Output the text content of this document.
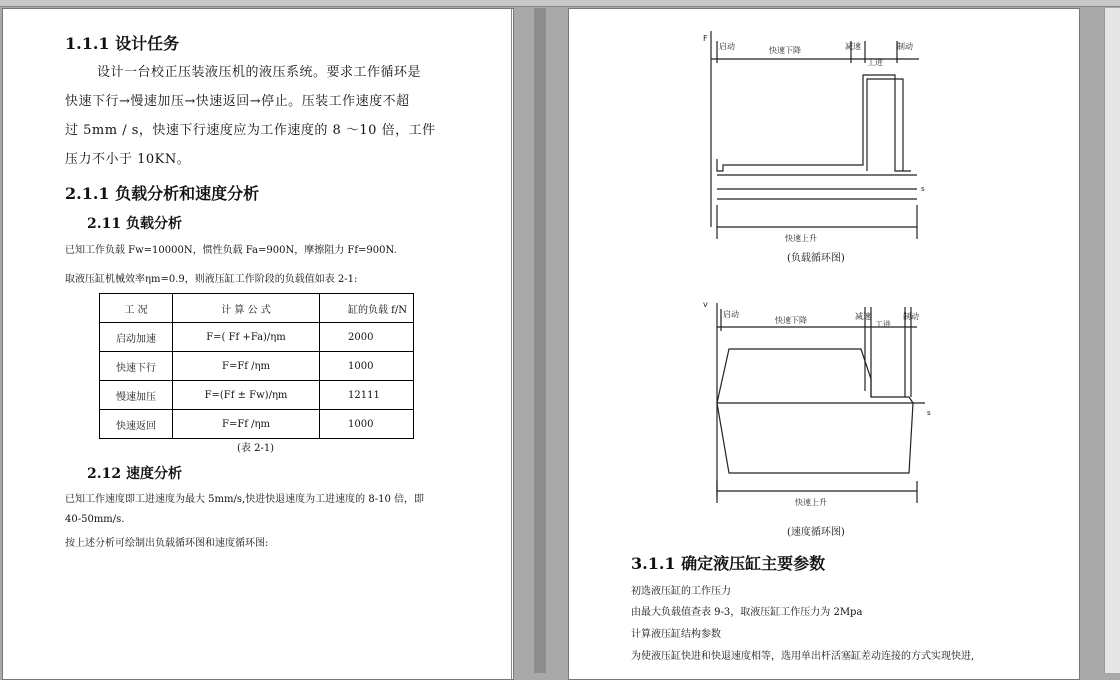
1.1.1 设计任务
设计一台校正压装液压机的液压系统。要求工作循环是
快速下行→慢速加压→快速返回→停止。压装工作速度不超
过 5mm / s，快速下行速度应为工作速度的 8 ～10 倍，工件
压力不小于 10KN。
2.1.1 负载分析和速度分析
2.11 负载分析
已知工作负载 Fw=10000N，惯性负载 Fa=900N，摩擦阻力 Ff=900N.
取液压缸机械效率ηm=0.9，则液压缸工作阶段的负载值如表 2-1:
工 况	计 算 公 式	缸的负载 f/N
启动加速	F=( Ff +Fa)/ηm	2000
快速下行	F=Ff /ηm	1000
慢速加压	F=(Ff ± Fw)/ηm	12111
快速返回	F=Ff /ηm	1000
(表 2-1)
2.12 速度分析
已知工作速度即工进速度为最大 5mm/s,快进快退速度为工进速度的 8-10 倍，即
40-50mm/s.
按上述分析可绘制出负载循环图和速度循环图:
F
启动	快速下降	减速
工进
制动
s
快速上升
(负载循环图)
v
启动
快速下降	减速
工进
制动
s
快速上升
(速度循环图)
3.1.1 确定液压缸主要参数
初选液压缸的工作压力
由最大负载值查表 9-3，取液压缸工作压力为 2Mpa
计算液压缸结构参数
为使液压缸快进和快退速度相等，选用单出杆活塞缸差动连接的方式实现快进,
